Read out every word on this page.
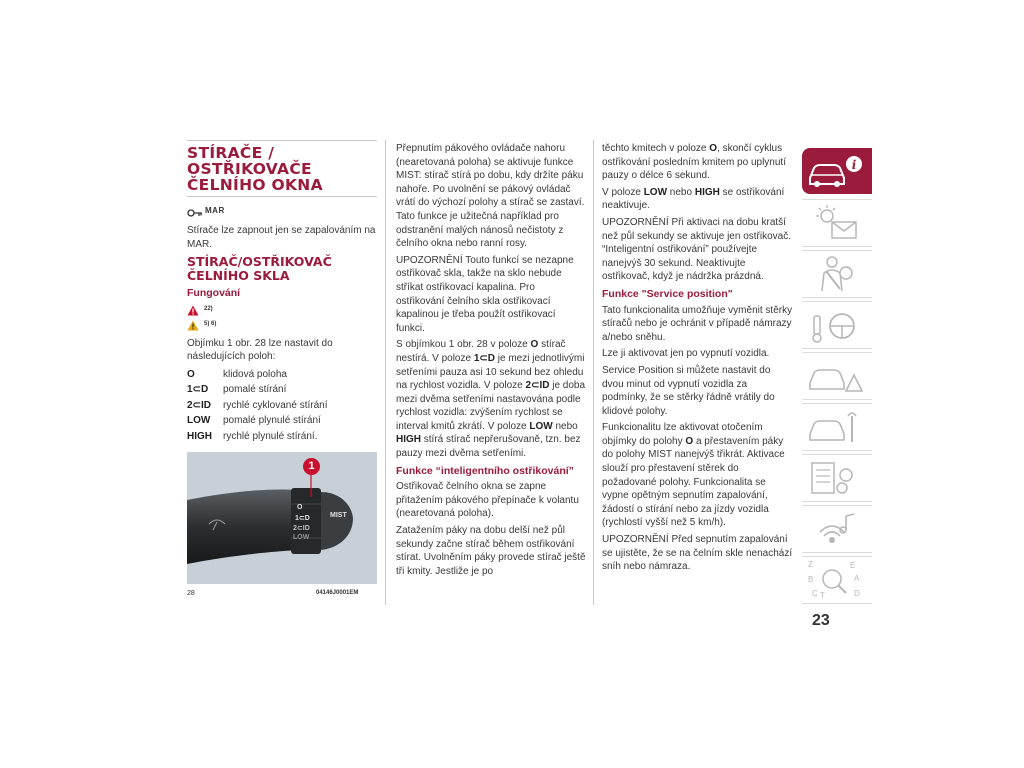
STÍRAČE /
OSTŘIKOVAČE
ČELNÍHO OKNA
MAR

Stírače lze zapnout jen se zapalováním na MAR.

STÍRAČ/OSTŘIKOVAČ
ČELNÍHO SKLA
Fungování
22)
5) 6)

Objímku 1 obr. 28 lze nastavit do následujících poloh:

O	klidová poloha
1⊂D	pomalé stírání
2⊂ID	rychlé cyklované stírání
LOW	pomalé plynulé stírání
HIGH	rychlé plynulé stírání.
O
1⊂D
2⊂ID
LOW
MIST
1
28	04146J0001EM

Přepnutím pákového ovládače nahoru (nearetovaná poloha) se aktivuje funkce MIST: stírač stírá po dobu, kdy držíte páku nahoře. Po uvolnění se pákový ovládač vrátí do výchozí polohy a stírač se zastaví. Tato funkce je užitečná například pro odstranění malých nánosů nečistoty z čelního okna nebo ranní rosy.

UPOZORNĚNÍ Touto funkcí se nezapne ostřikovač skla, takže na sklo nebude stříkat ostřikovací kapalina. Pro ostřikování čelního skla ostřikovací kapalinou je třeba použít ostřikovací funkci.

S objímkou 1 obr. 28 v poloze O stírač nestírá. V poloze 1⊂D je mezi jednotlivými setřeními pauza asi 10 sekund bez ohledu na rychlost vozidla. V poloze 2⊂ID je doba mezi dvěma setřeními nastavována podle rychlost vozidla: zvýšením rychlost se interval kmitů zkrátí. V poloze LOW nebo HIGH stírá stírač nepřerušovaně, tzn. bez pauzy mezi dvěma setřeními.

Funkce “inteligentního ostřikování”

Ostřikovač čelního okna se zapne přitažením pákového přepínače k volantu (nearetovaná poloha).

Zatažením páky na dobu delší než půl sekundy začne stírač během ostřikování stírat. Uvolněním páky provede stírač ještě tři kmity. Jestliže je po

těchto kmitech v poloze O, skončí cyklus ostřikování posledním kmitem po uplynutí pauzy o délce 6 sekund.

V poloze LOW nebo HIGH se ostřikování neaktivuje.

UPOZORNĚNÍ Při aktivaci na dobu kratší než půl sekundy se aktivuje jen ostřikovač. “Inteligentní ostřikování” používejte nanejvýš 30 sekund. Neaktivujte ostřikovač, když je nádržka prázdná.

Funkce "Service position"

Tato funkcionalita umožňuje vyměnit stěrky stíračů nebo je ochránit v případě námrazy a/nebo sněhu.

Lze ji aktivovat jen po vypnutí vozidla.

Service Position si můžete nastavit do dvou minut od vypnutí vozidla za podmínky, že se stěrky řádně vrátily do klidové polohy.

Funkcionalitu lze aktivovat otočením objímky do polohy O a přestavením páky do polohy MIST nanejvýš třikrát. Aktivace slouží pro přestavení stěrek do požadované polohy. Funkcionalita se vypne opětným sepnutím zapalování, žádostí o stírání nebo za jízdy vozidla (rychlostí vyšší než 5 km/h).

UPOZORNĚNÍ Před sepnutím zapalování se ujistěte, že se na čelním skle nenachází sníh nebo námraza.

i
Z
B
E
A
C T	D
23
